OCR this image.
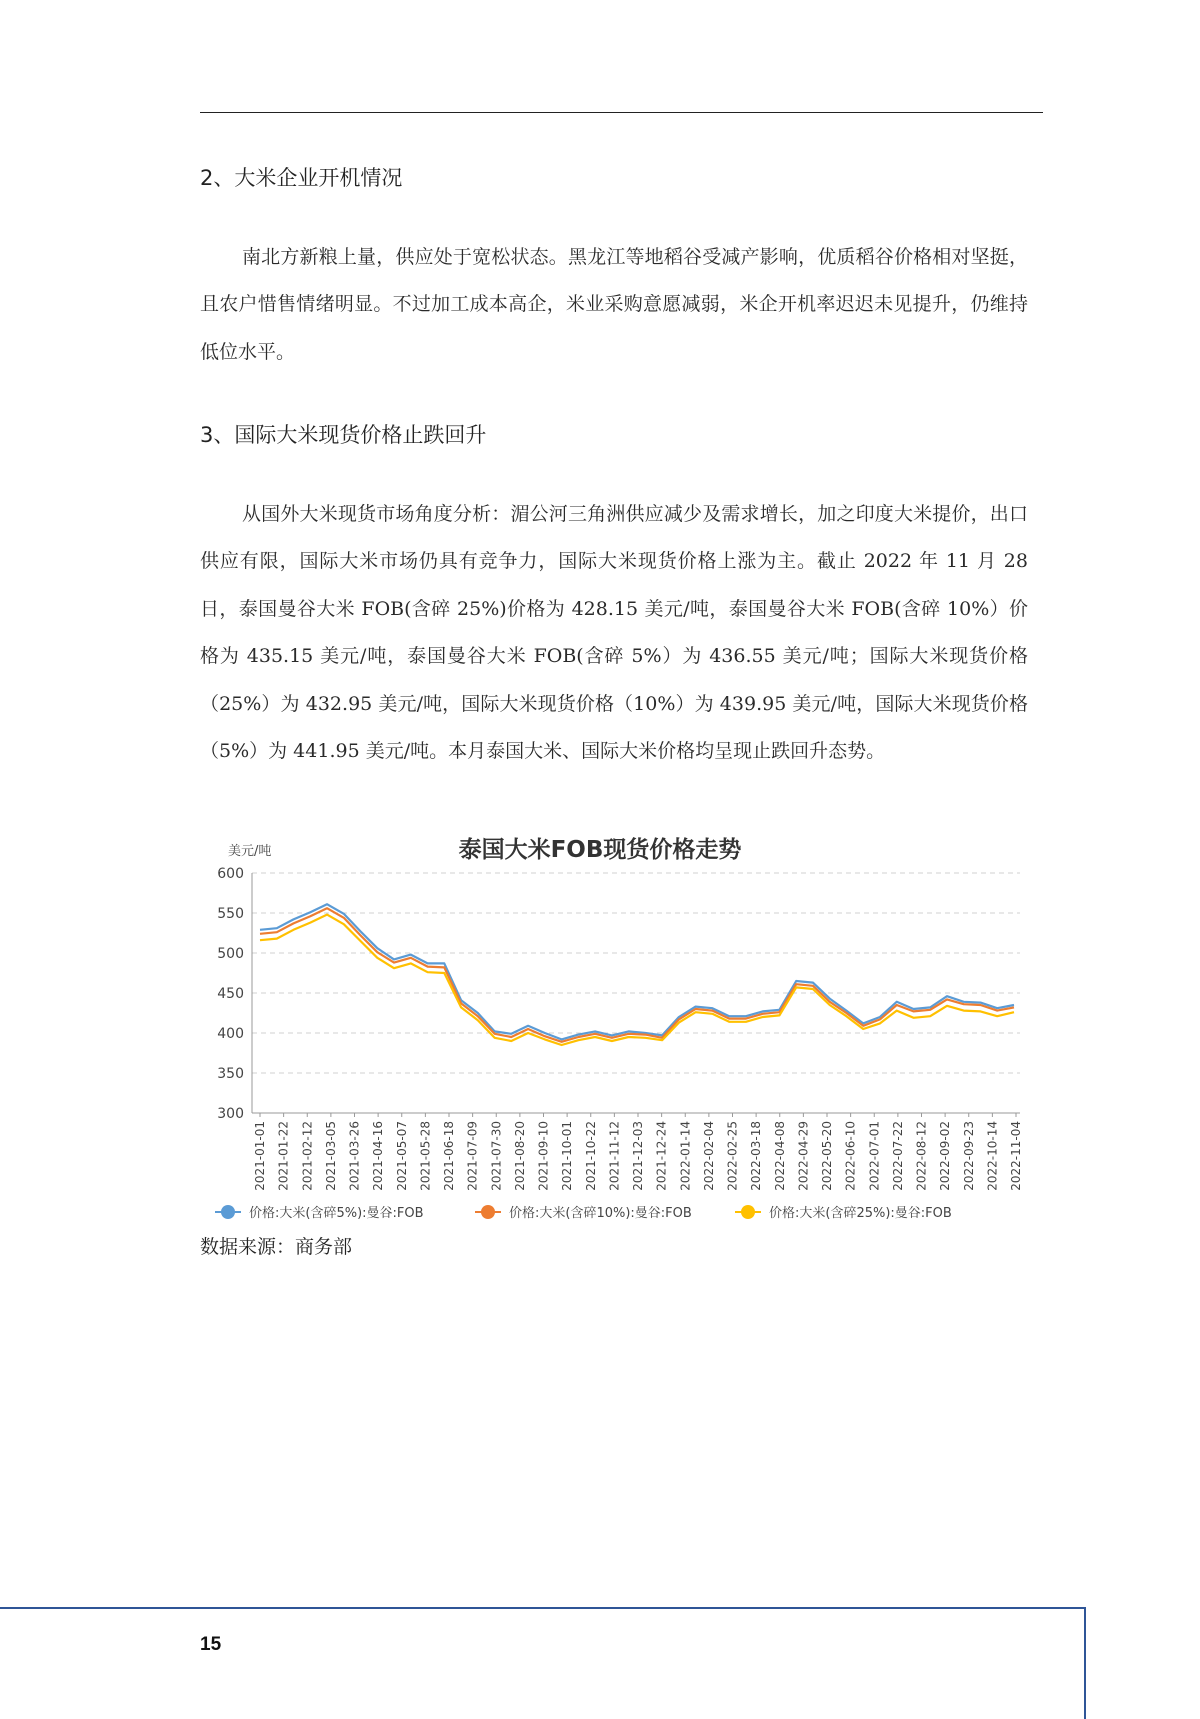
2、大米企业开机情况

南北方新粮上量，供应处于宽松状态。黑龙江等地稻谷受减产影响，优质稻谷价格相对坚挺，且农户惜售情绪明显。不过加工成本高企，米业采购意愿减弱，米企开机率迟迟未见提升，仍维持低位水平。

3、国际大米现货价格止跌回升

从国外大米现货市场角度分析：湄公河三角洲供应减少及需求增长，加之印度大米提价，出口供应有限，国际大米市场仍具有竞争力，国际大米现货价格上涨为主。截止 2022 年 11 月 28 日，泰国曼谷大米 FOB(含碎 25%)价格为 428.15 美元/吨，泰国曼谷大米 FOB(含碎 10%）价格为 435.15 美元/吨，泰国曼谷大米 FOB(含碎 5%）为 436.55 美元/吨；国际大米现货价格（25%）为 432.95 美元/吨，国际大米现货价格（10%）为 439.95 美元/吨，国际大米现货价格（5%）为 441.95 美元/吨。本月泰国大米、国际大米价格均呈现止跌回升态势。

泰国大米FOB现货价格走势
美元/吨
300
350
400
450
500
550
600
2021-01-01 2021-01-22 2021-02-12 2021-03-05 2021-03-26 2021-04-16 2021-05-07 2021-05-28 2021-06-18 2021-07-09 2021-07-30 2021-08-20 2021-09-10 2021-10-01 2021-10-22 2021-11-12 2021-12-03 2021-12-24 2022-01-14 2022-02-04 2022-02-25 2022-03-18 2022-04-08 2022-04-29 2022-05-20 2022-06-10 2022-07-01 2022-07-22 2022-08-12 2022-09-02 2022-09-23 2022-10-14 2022-11-04
价格:大米(含碎5%):曼谷:FOB	价格:大米(含碎10%):曼谷:FOB	价格:大米(含碎25%):曼谷:FOB
数据来源：商务部
15
